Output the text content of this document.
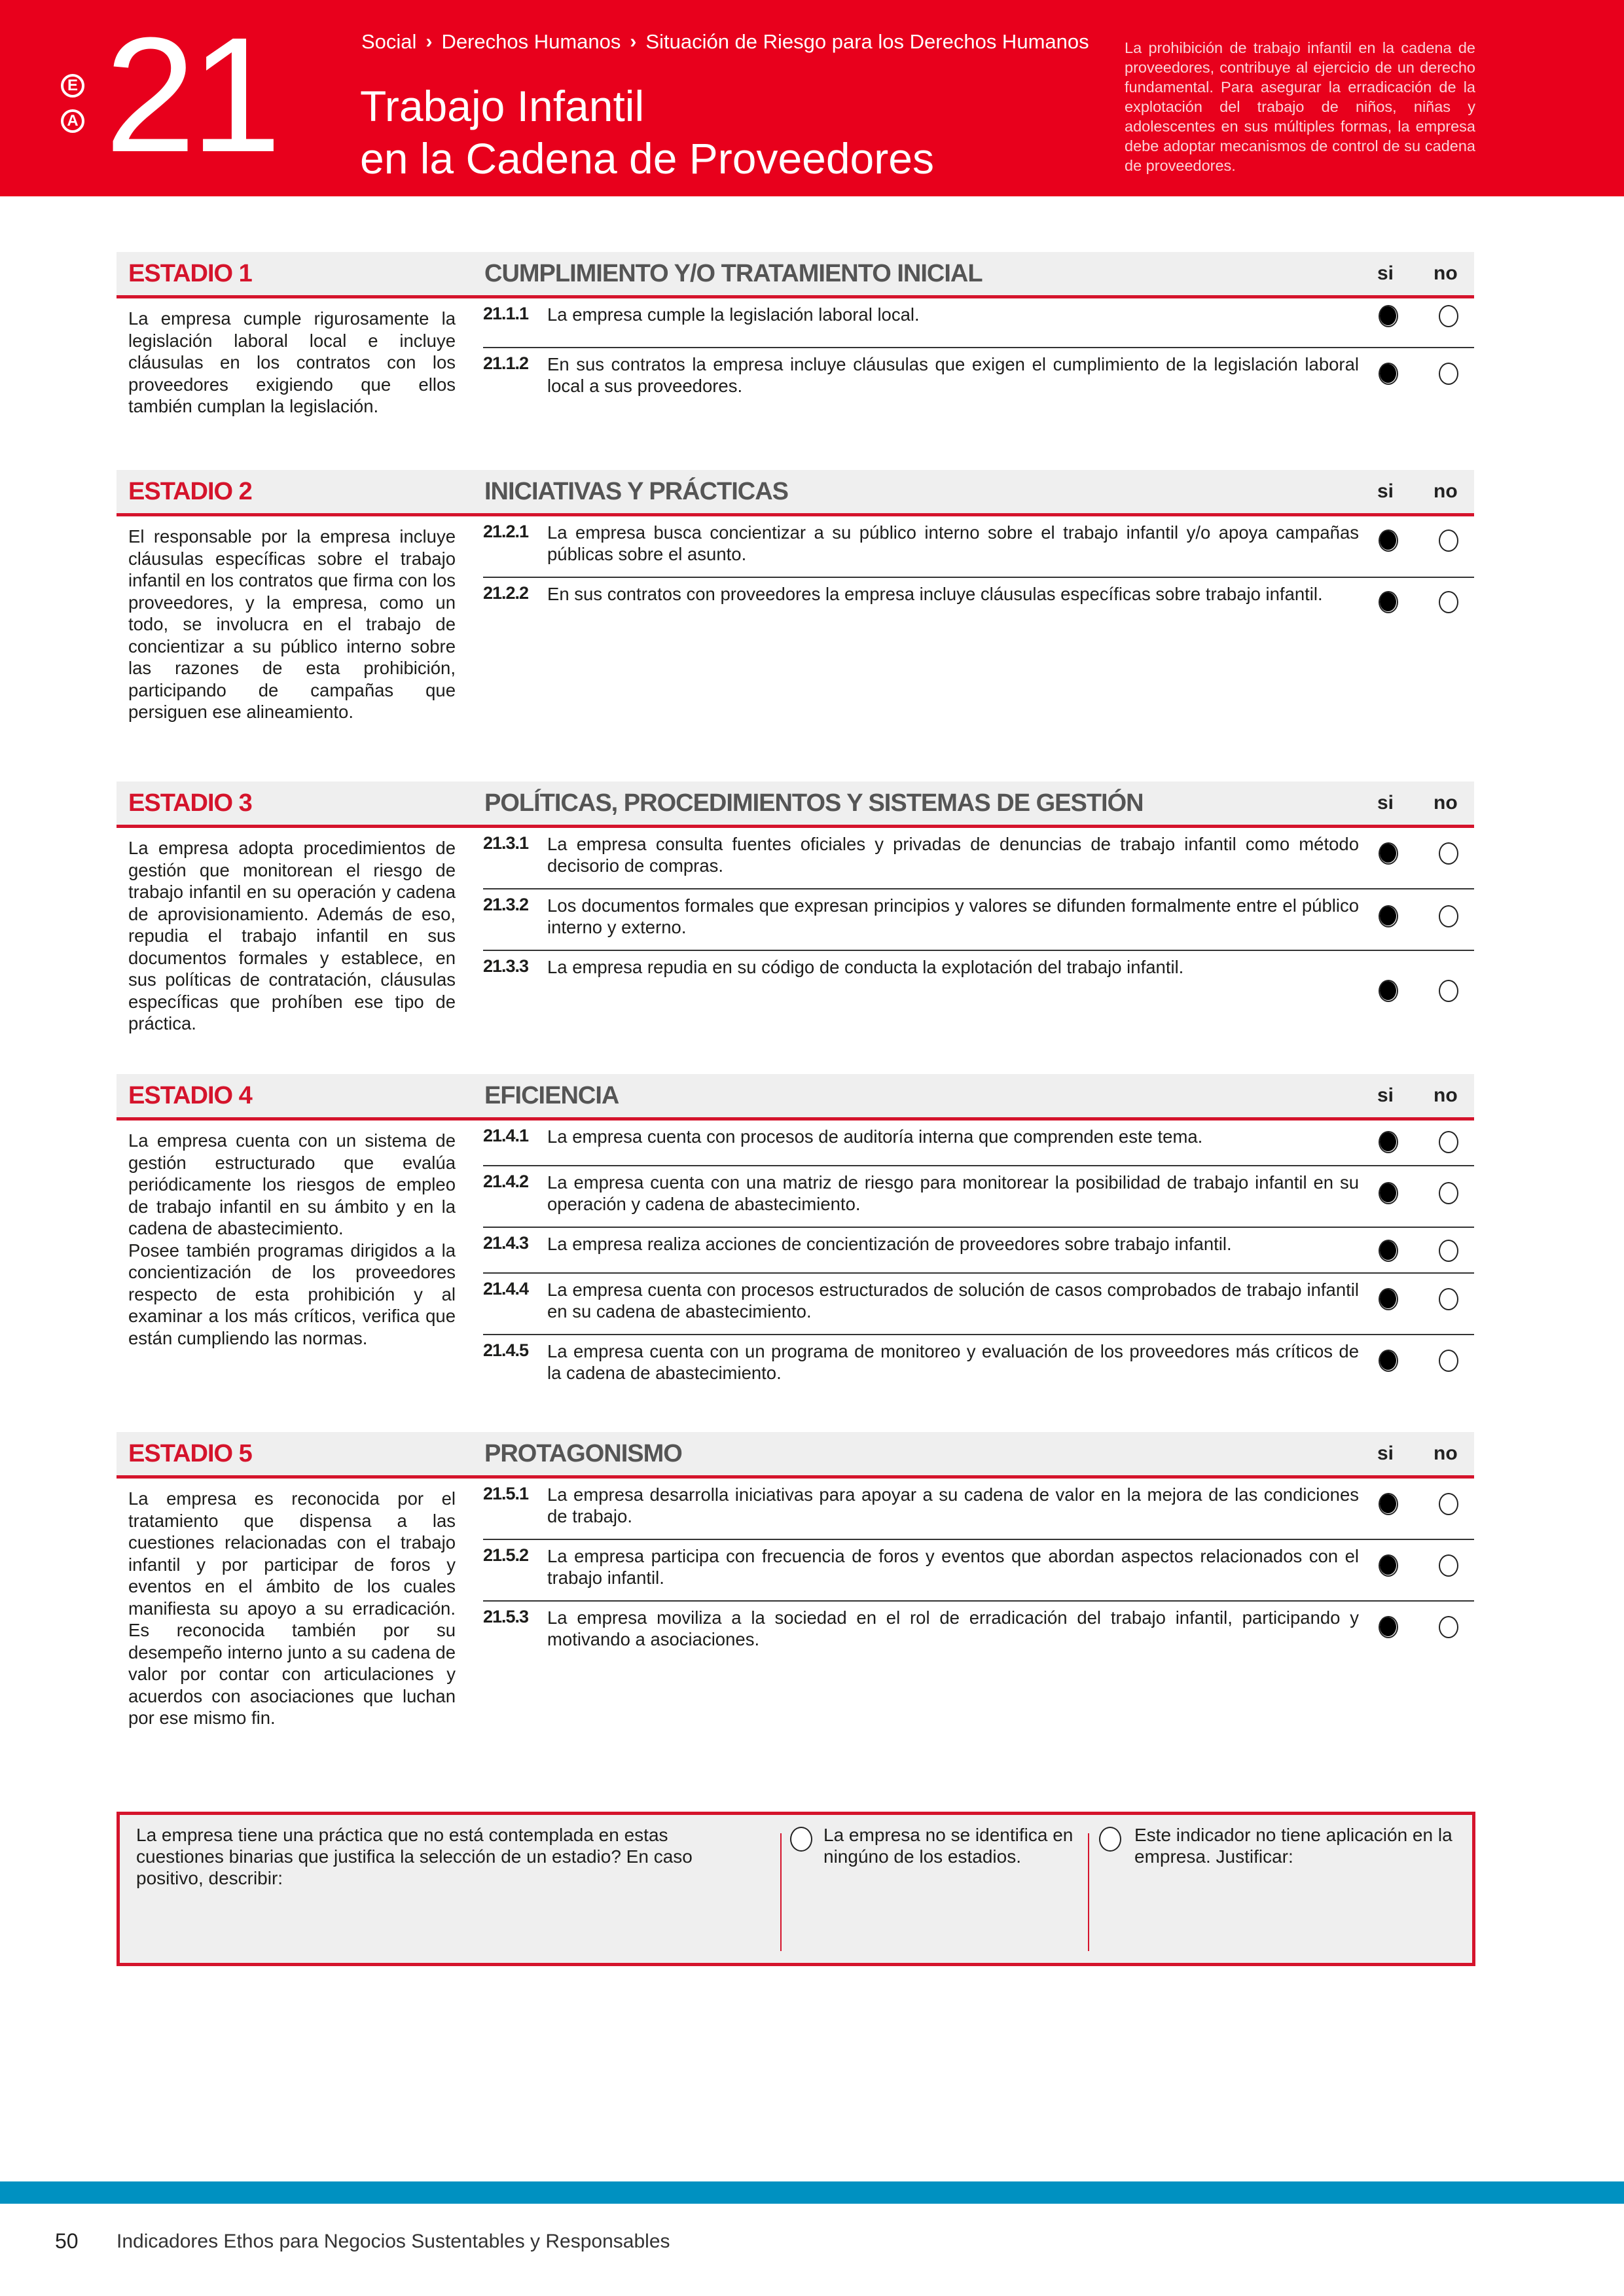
E
A 21	Social › Derechos Humanos › Situación de Riesgo para los Derechos Humanos
Trabajo Infantil
en la Cadena de Proveedores
La prohibición de trabajo infantil en la cadena de proveedores, contribuye al ejercicio de un derecho fundamental. Para asegurar la erradicación de la explotación del trabajo de niños, niñas y adolescentes en sus múltiples formas, la empresa debe adoptar mecanismos de control de su cadena de proveedores.
ESTADIO 1	CUMPLIMIENTO Y/O TRATAMIENTO INICIAL	si no
La empresa cumple rigurosamente la legislación laboral local e incluye cláusulas en los contratos con los proveedores exigiendo que ellos también cumplan la legislación.
21.1.1 La empresa cumple la legislación laboral local.
21.1.2 En sus contratos la empresa incluye cláusulas que exigen el cumplimiento de la legislación laboral local a sus proveedores.
ESTADIO 2	INICIATIVAS Y PRÁCTICAS	si no
El responsable por la empresa incluye cláusulas específicas sobre el trabajo infantil en los contratos que firma con los proveedores, y la empresa, como un todo, se involucra en el trabajo de concientizar a su público interno sobre las razones de esta prohibición, participando de campañas que persiguen ese alineamiento.
21.2.1 La empresa busca concientizar a su público interno sobre el trabajo infantil y/o apoya campañas públicas sobre el asunto.
21.2.2 En sus contratos con proveedores la empresa incluye cláusulas específicas sobre trabajo infantil.
ESTADIO 3	POLÍTICAS, PROCEDIMIENTOS Y SISTEMAS DE GESTIÓN	si no
La empresa adopta procedimientos de gestión que monitorean el riesgo de trabajo infantil en su operación y cadena de aprovisionamiento. Además de eso, repudia el trabajo infantil en sus documentos formales y establece, en sus políticas de contratación, cláusulas específicas que prohíben ese tipo de práctica.
21.3.1 La empresa consulta fuentes oficiales y privadas de denuncias de trabajo infantil como método decisorio de compras.
21.3.2 Los documentos formales que expresan principios y valores se difunden formalmente entre el público interno y externo.
21.3.3 La empresa repudia en su código de conducta la explotación del trabajo infantil.
ESTADIO 4	EFICIENCIA	si no
La empresa cuenta con un sistema de gestión estructurado que evalúa periódicamente los riesgos de empleo de trabajo infantil en su ámbito y en la cadena de abastecimiento.
Posee también programas dirigidos a la concientización de los proveedores respecto de esta prohibición y al examinar a los más críticos, verifica que están cumpliendo las normas.
21.4.1 La empresa cuenta con procesos de auditoría interna que comprenden este tema.
21.4.2 La empresa cuenta con una matriz de riesgo para monitorear la posibilidad de trabajo infantil en su operación y cadena de abastecimiento.
21.4.3 La empresa realiza acciones de concientización de proveedores sobre trabajo infantil.
21.4.4 La empresa cuenta con procesos estructurados de solución de casos comprobados de trabajo infantil en su cadena de abastecimiento.
21.4.5 La empresa cuenta con un programa de monitoreo y evaluación de los proveedores más críticos de la cadena de abastecimiento.
ESTADIO 5	PROTAGONISMO	si no
La empresa es reconocida por el tratamiento que dispensa a las cuestiones relacionadas con el trabajo infantil y por participar de foros y eventos en el ámbito de los cuales manifiesta su apoyo a su erradicación. Es reconocida también por su desempeño interno junto a su cadena de valor por contar con articulaciones y acuerdos con asociaciones que luchan por ese mismo fin.
21.5.1 La empresa desarrolla iniciativas para apoyar a su cadena de valor en la mejora de las condiciones de trabajo.
21.5.2 La empresa participa con frecuencia de foros y eventos que abordan aspectos relacionados con el trabajo infantil.
21.5.3 La empresa moviliza a la sociedad en el rol de erradicación del trabajo infantil, participando y motivando a asociaciones.
La empresa tiene una práctica que no está contemplada en estas cuestiones binarias que justifica la selección de un estadio? En caso positivo, describir:
La empresa no se identifica en ningúno de los estadios.
Este indicador no tiene aplicación en la empresa. Justificar:
50 Indicadores Ethos para Negocios Sustentables y Responsables
